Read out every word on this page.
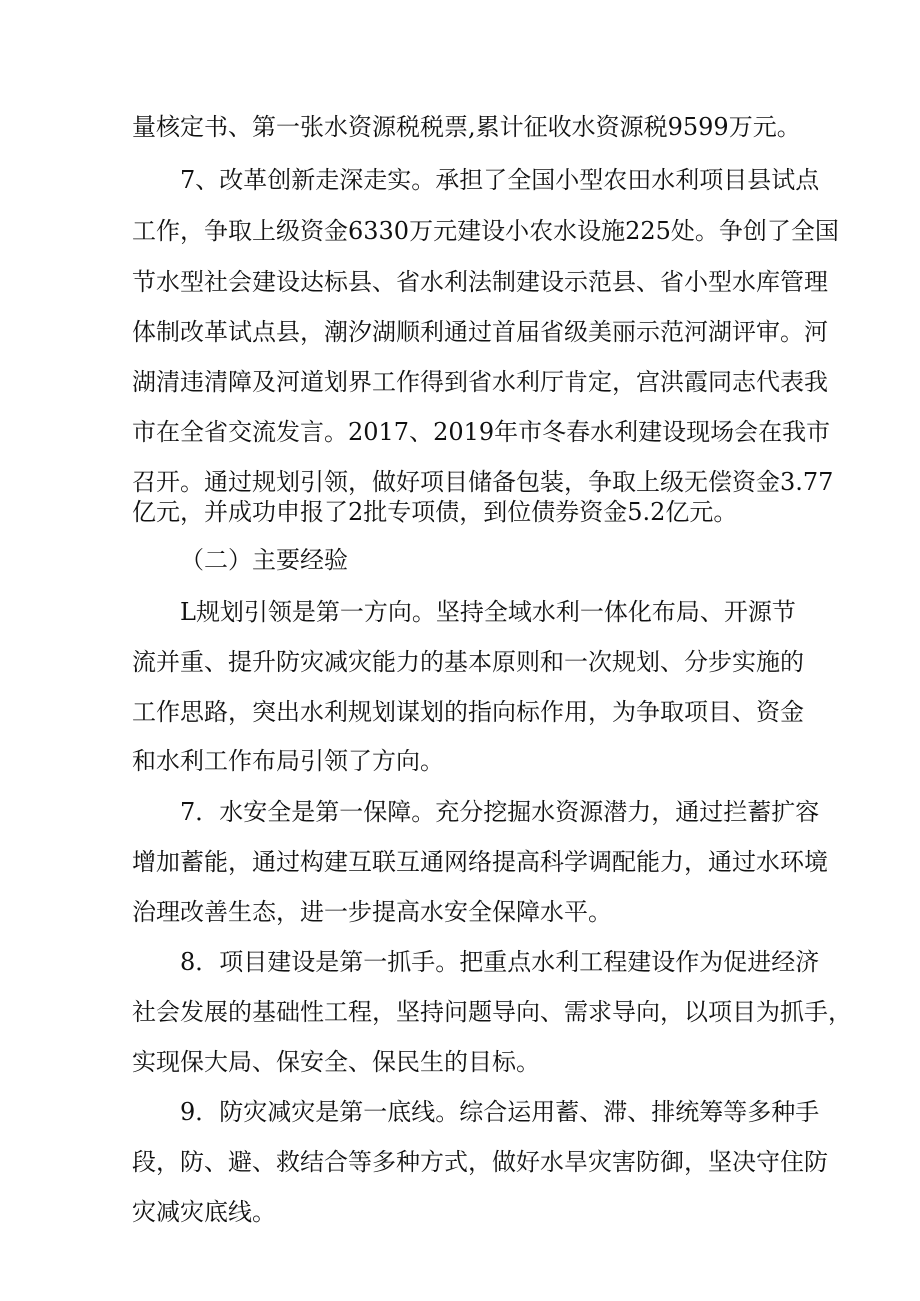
量核定书、第一张水资源税税票,累计征收水资源税9599万元。
7、改革创新走深走实。承担了全国小型农田水利项目县试点
工作，争取上级资金6330万元建设小农水设施225处。争创了全国
节水型社会建设达标县、省水利法制建设示范县、省小型水库管理
体制改革试点县，潮汐湖顺利通过首届省级美丽示范河湖评审。河
湖清违清障及河道划界工作得到省水利厅肯定，宫洪霞同志代表我
市在全省交流发言。2017、2019年市冬春水利建设现场会在我市
召开。通过规划引领，做好项目储备包装，争取上级无偿资金3.77
亿元，并成功申报了2批专项债，到位债券资金5.2亿元。
（二）主要经验
L规划引领是第一方向。坚持全域水利一体化布局、开源节
流并重、提升防灾减灾能力的基本原则和一次规划、分步实施的
工作思路，突出水利规划谋划的指向标作用，为争取项目、资金
和水利工作布局引领了方向。
7．水安全是第一保障。充分挖掘水资源潜力，通过拦蓄扩容
增加蓄能，通过构建互联互通网络提高科学调配能力，通过水环境
治理改善生态，进一步提高水安全保障水平。
8．项目建设是第一抓手。把重点水利工程建设作为促进经济
社会发展的基础性工程，坚持问题导向、需求导向，以项目为抓手，
实现保大局、保安全、保民生的目标。
9．防灾减灾是第一底线。综合运用蓄、滞、排统筹等多种手
段，防、避、救结合等多种方式，做好水旱灾害防御，坚决守住防
灾减灾底线。
